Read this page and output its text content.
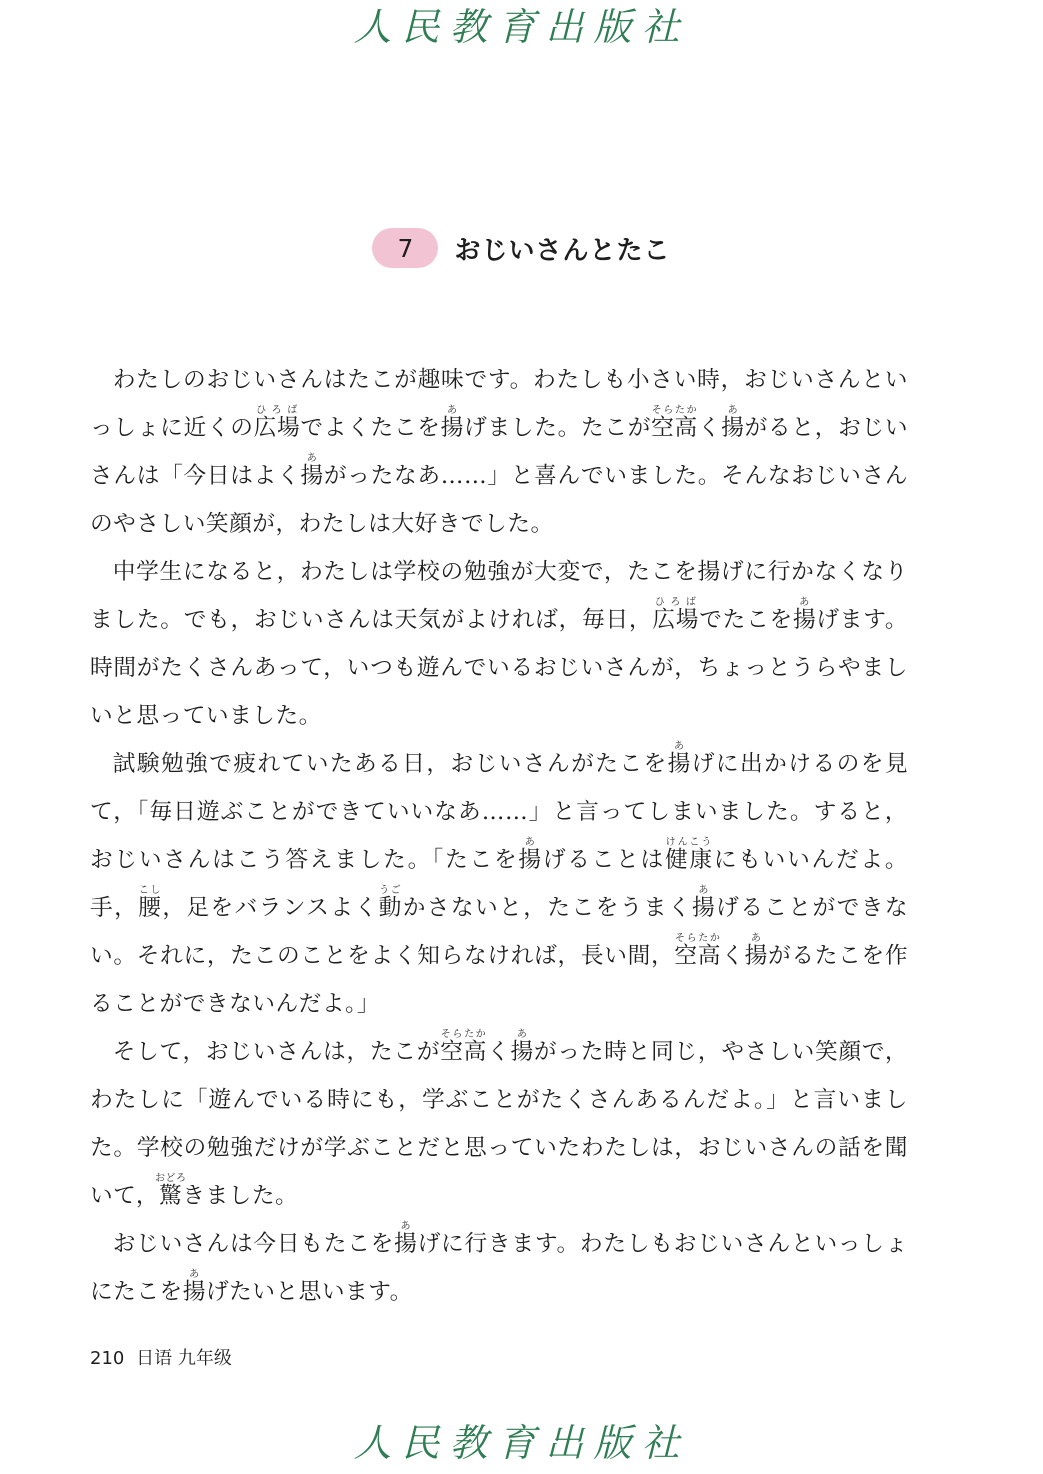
人民教育出版社
7	おじいさんとたこ

わたしのおじいさんはたこが趣味です。わたしも小さい時，おじいさんといっしょに近くの広場ひろばでよくたこを揚あげました。たこが空高そらたかく揚あがると，おじいさんは「今日はよく揚あがったなあ……」と喜んでいました。そんなおじいさんのやさしい笑顔が，わたしは大好きでした。

中学生になると，わたしは学校の勉強が大変で，たこを揚げに行かなくなりました。でも，おじいさんは天気がよければ，毎日，広場ひろばでたこを揚あげます。時間がたくさんあって，いつも遊んでいるおじいさんが，ちょっとうらやましいと思っていました。

試験勉強で疲れていたある日，おじいさんがたこを揚あげに出かけるのを見て，「毎日遊ぶことができていいなあ……」と言ってしまいました。すると，おじいさんはこう答えました。「たこを揚あげることは健康けんこうにもいいんだよ。手，腰こし，足をバランスよく動うごかさないと，たこをうまく揚あげることができない。それに，たこのことをよく知らなければ，長い間，空高そらたかく揚あがるたこを作ることができないんだよ。」

そして，おじいさんは，たこが空高そらたかく揚あがった時と同じ，やさしい笑顔で，わたしに「遊んでいる時にも，学ぶことがたくさんあるんだよ。」と言いました。学校の勉強だけが学ぶことだと思っていたわたしは，おじいさんの話を聞いて，驚おどろきました。

おじいさんは今日もたこを揚あげに行きます。わたしもおじいさんといっしょにたこを揚あげたいと思います。

210 日语 九年级
人民教育出版社
